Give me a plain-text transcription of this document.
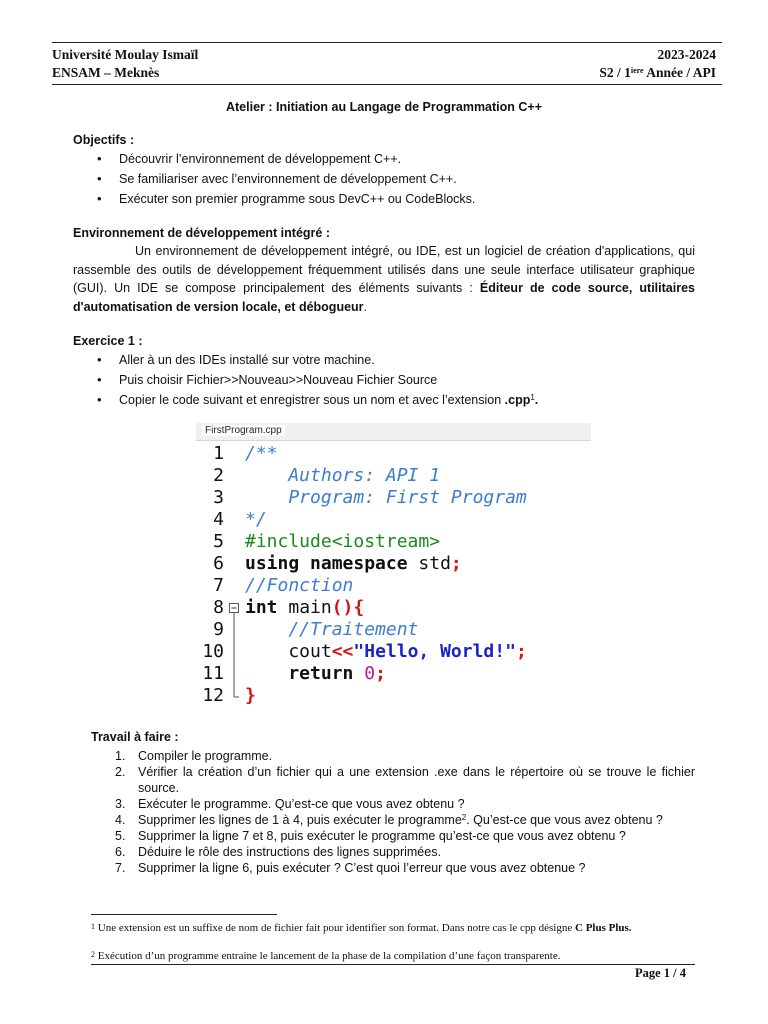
Université Moulay Ismaïl
ENSAM – Meknès
2023-2024
$S2 / 1^{iere}$ Année / API
Atelier : Initiation au Langage de Programmation C++
Objectifs :
• Découvrir l’environnement de développement C++.
• Se familiariser avec l’environnement de développement C++.
• Exécuter son premier programme sous DevC++ ou CodeBlocks.
Environnement de développement intégré :
Un environnement de développement intégré, ou IDE, est un logiciel de création d'applications, qui rassemble des outils de développement fréquemment utilisés dans une seule interface utilisateur graphique (GUI). Un IDE se compose principalement des éléments suivants : Éditeur de code source, utilitaires d'automatisation de version locale, et débogueur.
Exercice 1 :
• Aller à un des IDEs installé sur votre machine.
• Puis choisir Fichier>>Nouveau>>Nouveau Fichier Source
• Copier le code suivant et enregistrer sous un nom et avec l’extension .cpp$^1$.
FirstProgram.cpp
1 /**
2 Authors: API 1
3 Program: First Program
4 */
5 #include<iostream>
6 using namespace std;
7 //Fonction
8

int main(){
9

//Traitement
10

cout<<"Hello, World!";
11

return 0;
12

}
Travail à faire :
1. Compiler le programme.
2. Vérifier la création d’un fichier qui a une extension .exe dans le répertoire où se trouve le fichier source.
3. Exécuter le programme. Qu’est-ce que vous avez obtenu ?
4. Supprimer les lignes de 1 à 4, puis exécuter le programme$^2$. Qu’est-ce que vous avez obtenu ?
5. Supprimer la ligne 7 et 8, puis exécuter le programme qu’est-ce que vous avez obtenu ?
6. Déduire le rôle des instructions des lignes supprimées.
7. Supprimer la ligne 6, puis exécuter ? C’est quoi l’erreur que vous avez obtenue ?
$^1$ Une extension est un suffixe de nom de fichier fait pour identifier son format. Dans notre cas le cpp désigne C Plus Plus.
$^2$ Exécution d’un programme entraine le lancement de la phase de la compilation d’une façon transparente.
Page 1 / 4
